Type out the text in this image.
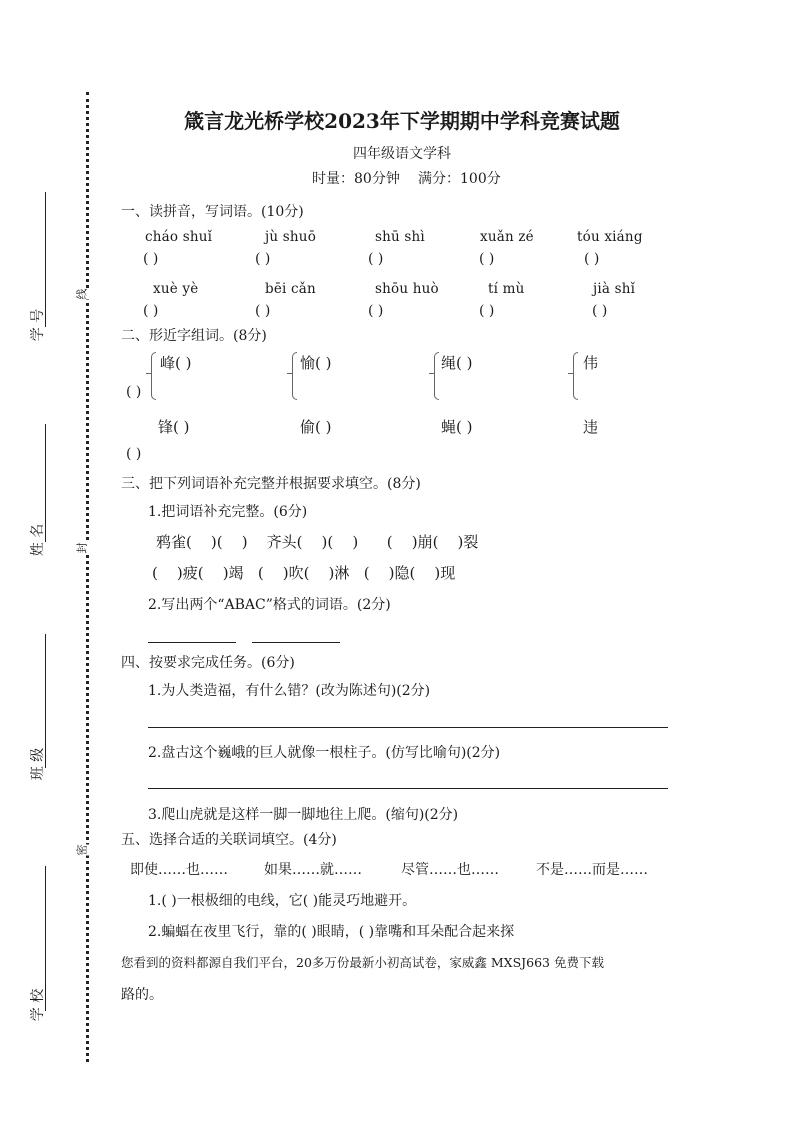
学 号
姓 名
班 级
学 校
线
封
密
箴言龙光桥学校2023年下学期期中学科竞赛试题
四年级语文学科
时量：80分钟 满分：100分
一、读拼音，写词语。(10分)
cháo shuǐ	jù shuō	shū shì	xuǎn zé	tóu xiáng
( )	( )	( )	( )	( )
xuè yè	bēi cǎn	shōu huò	tí mù	jià shǐ
( )	( )	( )	( )	( )
二、形近字组词。(8分)
峰( )	愉( )	绳( )	伟
( )
锋( )	偷( )	蝇( )	违
( )
三、把下列词语补充完整并根据要求填空。(8分)
1.把词语补充完整。(6分)
鸦雀(    )(    )    齐头(    )(    )      (    )崩(    )裂
(    )疲(    )竭   (    )吹(    )淋   (    )隐(    )现
2.写出两个“ABAC”格式的词语。(2分)
四、按要求完成任务。(6分)
1.为人类造福，有什么错？(改为陈述句)(2分)
2.盘古这个巍峨的巨人就像一根柱子。(仿写比喻句)(2分)
3.爬山虎就是这样一脚一脚地往上爬。(缩句)(2分)
五、选择合适的关联词填空。(4分)
即使……也……	如果……就……	尽管……也……	不是……而是……
1.( )一根极细的电线，它( )能灵巧地避开。
2.蝙蝠在夜里飞行，靠的( )眼睛，( )靠嘴和耳朵配合起来探
您看到的资料都源自我们平台，20多万份最新小初高试卷，家威鑫 MXSJ663 免费下载
路的。
